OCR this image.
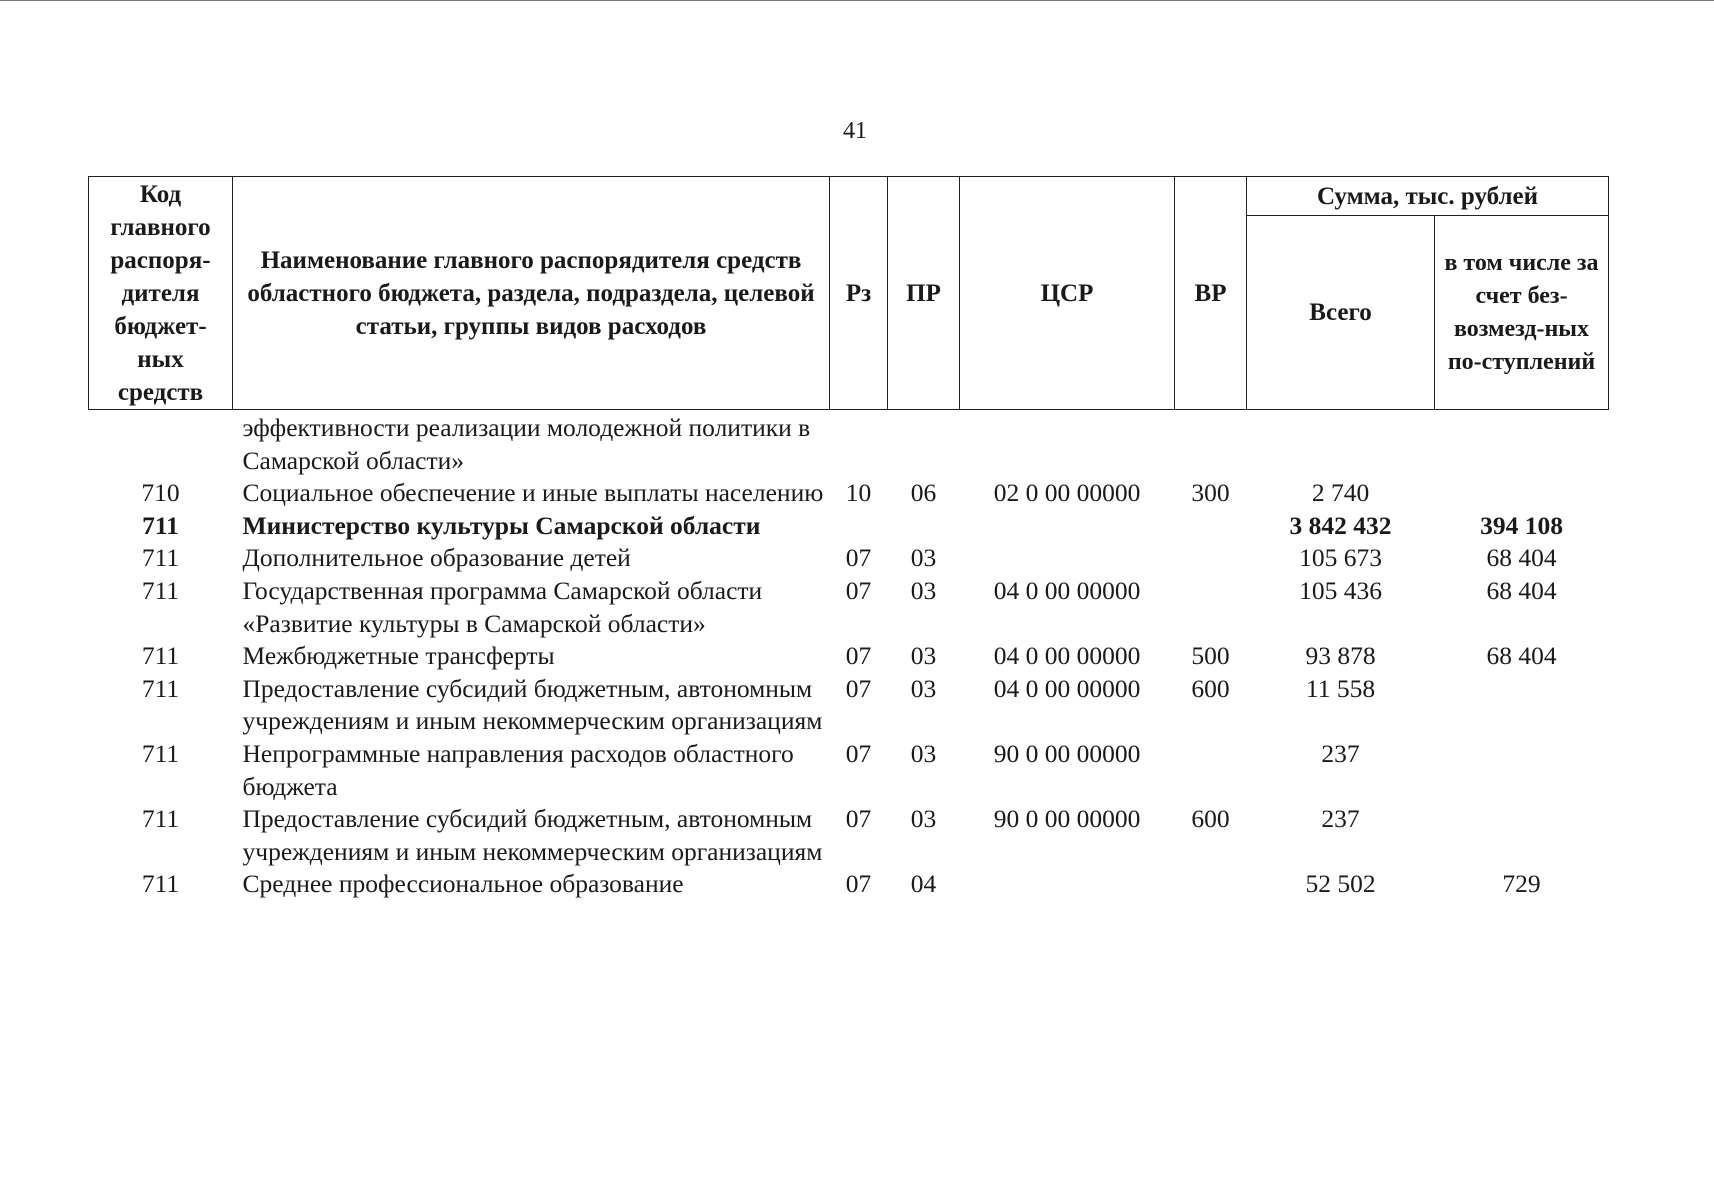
41
Код главного распоря-дителя бюджет-ных средств	Наименование главного распорядителя средств областного бюджета, раздела, подраздела, целевой статьи, группы видов расходов	Рз	ПР	ЦСР	ВР	Сумма, тыс. рублей	
						Всего	в том числе за счет без-возмезд-ных по-ступлений
	эффективности реализации молодежной политики в Самарской области»						
710	Социальное обеспечение и иные выплаты населению	10	06	02 0 00 00000	300	2 740	
711	Министерство культуры Самарской области					3 842 432	394 108
711	Дополнительное образование детей	07	03			105 673	68 404
711	Государственная программа Самарской области «Развитие культуры в Самарской области»	07	03	04 0 00 00000		105 436	68 404
711	Межбюджетные трансферты	07	03	04 0 00 00000	500	93 878	68 404
711	Предоставление субсидий бюджетным, автономным учреждениям и иным некоммерческим организациям	07	03	04 0 00 00000	600	11 558	
711	Непрограммные направления расходов областного бюджета	07	03	90 0 00 00000		237	
711	Предоставление субсидий бюджетным, автономным учреждениям и иным некоммерческим организациям	07	03	90 0 00 00000	600	237	
711	Среднее профессиональное образование	07	04			52 502	729
